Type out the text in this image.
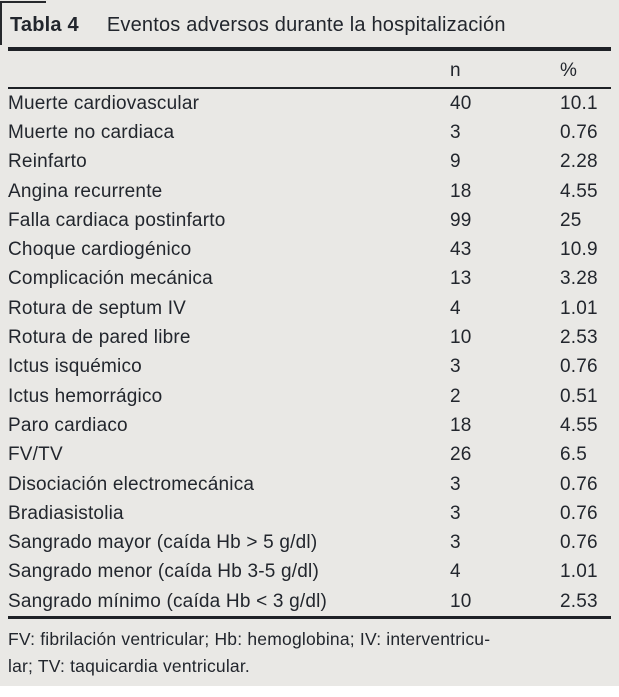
Tabla 4 Eventos adversos durante la hospitalización
n	%
Muerte cardiovascular	40	10.1
Muerte no cardiaca	3	0.76
Reinfarto	9	2.28
Angina recurrente	18	4.55
Falla cardiaca postinfarto	99	25
Choque cardiogénico	43	10.9
Complicación mecánica	13	3.28
Rotura de septum IV	4	1.01
Rotura de pared libre	10	2.53
Ictus isquémico	3	0.76
Ictus hemorrágico	2	0.51
Paro cardiaco	18	4.55
FV/TV	26	6.5
Disociación electromecánica	3	0.76
Bradiasistolia	3	0.76
Sangrado mayor (caída Hb > 5 g/dl)	3	0.76
Sangrado menor (caída Hb 3-5 g/dl)	4	1.01
Sangrado mínimo (caída Hb < 3 g/dl)	10	2.53
FV: fibrilación ventricular; Hb: hemoglobina; IV: interventricu-
lar; TV: taquicardia ventricular.
